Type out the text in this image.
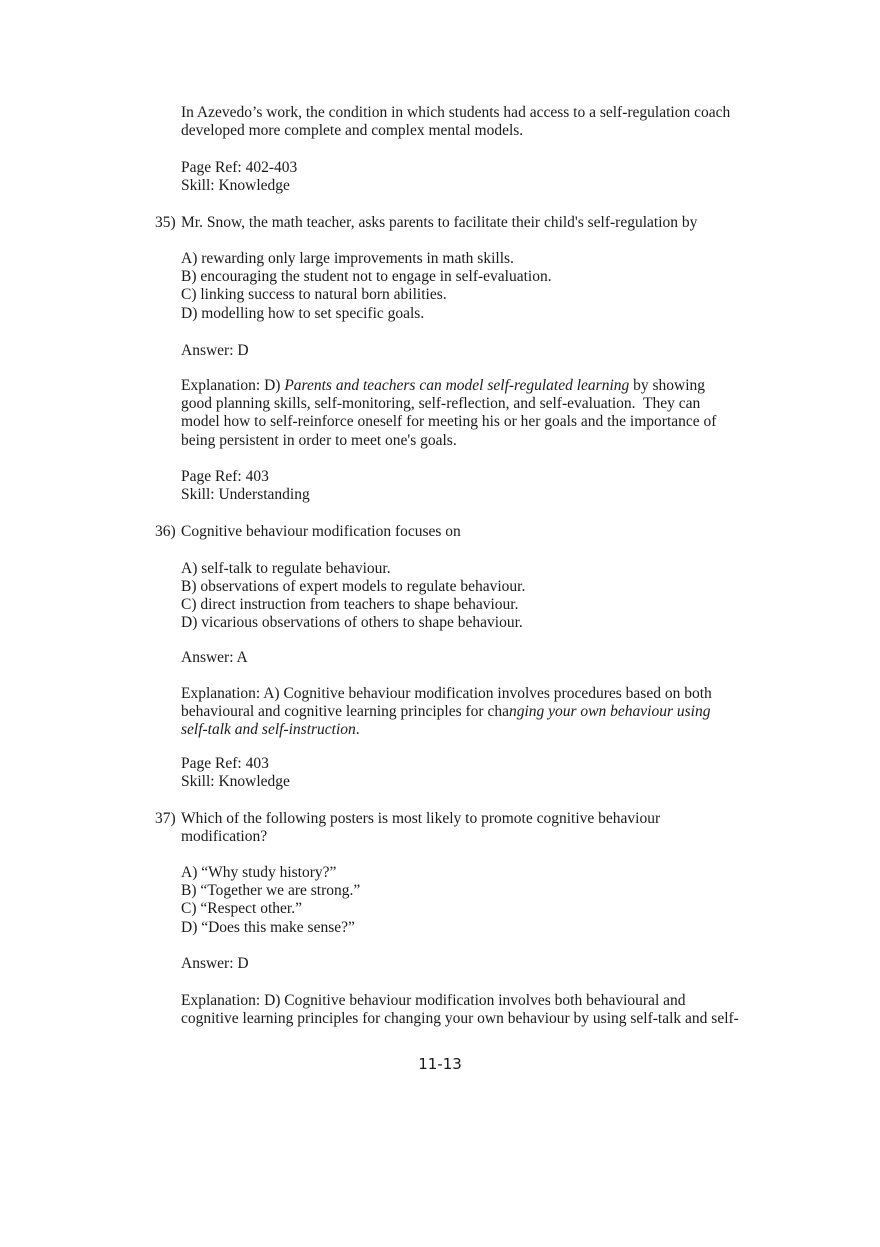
In Azevedo’s work, the condition in which students had access to a self-regulation coach
developed more complete and complex mental models.
Page Ref: 402-403
Skill: Knowledge
35) Mr. Snow, the math teacher, asks parents to facilitate their child's self-regulation by
A) rewarding only large improvements in math skills.
B) encouraging the student not to engage in self-evaluation.
C) linking success to natural born abilities.
D) modelling how to set specific goals.
Answer: D
Explanation: D) Parents and teachers can model self-regulated learning by showing
good planning skills, self-monitoring, self-reflection, and self-evaluation.  They can
model how to self-reinforce oneself for meeting his or her goals and the importance of
being persistent in order to meet one's goals.
Page Ref: 403
Skill: Understanding
36) Cognitive behaviour modification focuses on
A) self-talk to regulate behaviour.
B) observations of expert models to regulate behaviour.
C) direct instruction from teachers to shape behaviour.
D) vicarious observations of others to shape behaviour.
Answer: A
Explanation: A) Cognitive behaviour modification involves procedures based on both
behavioural and cognitive learning principles for changing your own behaviour using
self-talk and self-instruction.
Page Ref: 403
Skill: Knowledge
37) Which of the following posters is most likely to promote cognitive behaviour
modification?
A) “Why study history?”
B) “Together we are strong.”
C) “Respect other.”
D) “Does this make sense?”
Answer: D
Explanation: D) Cognitive behaviour modification involves both behavioural and
cognitive learning principles for changing your own behaviour by using self-talk and self-
11-13
